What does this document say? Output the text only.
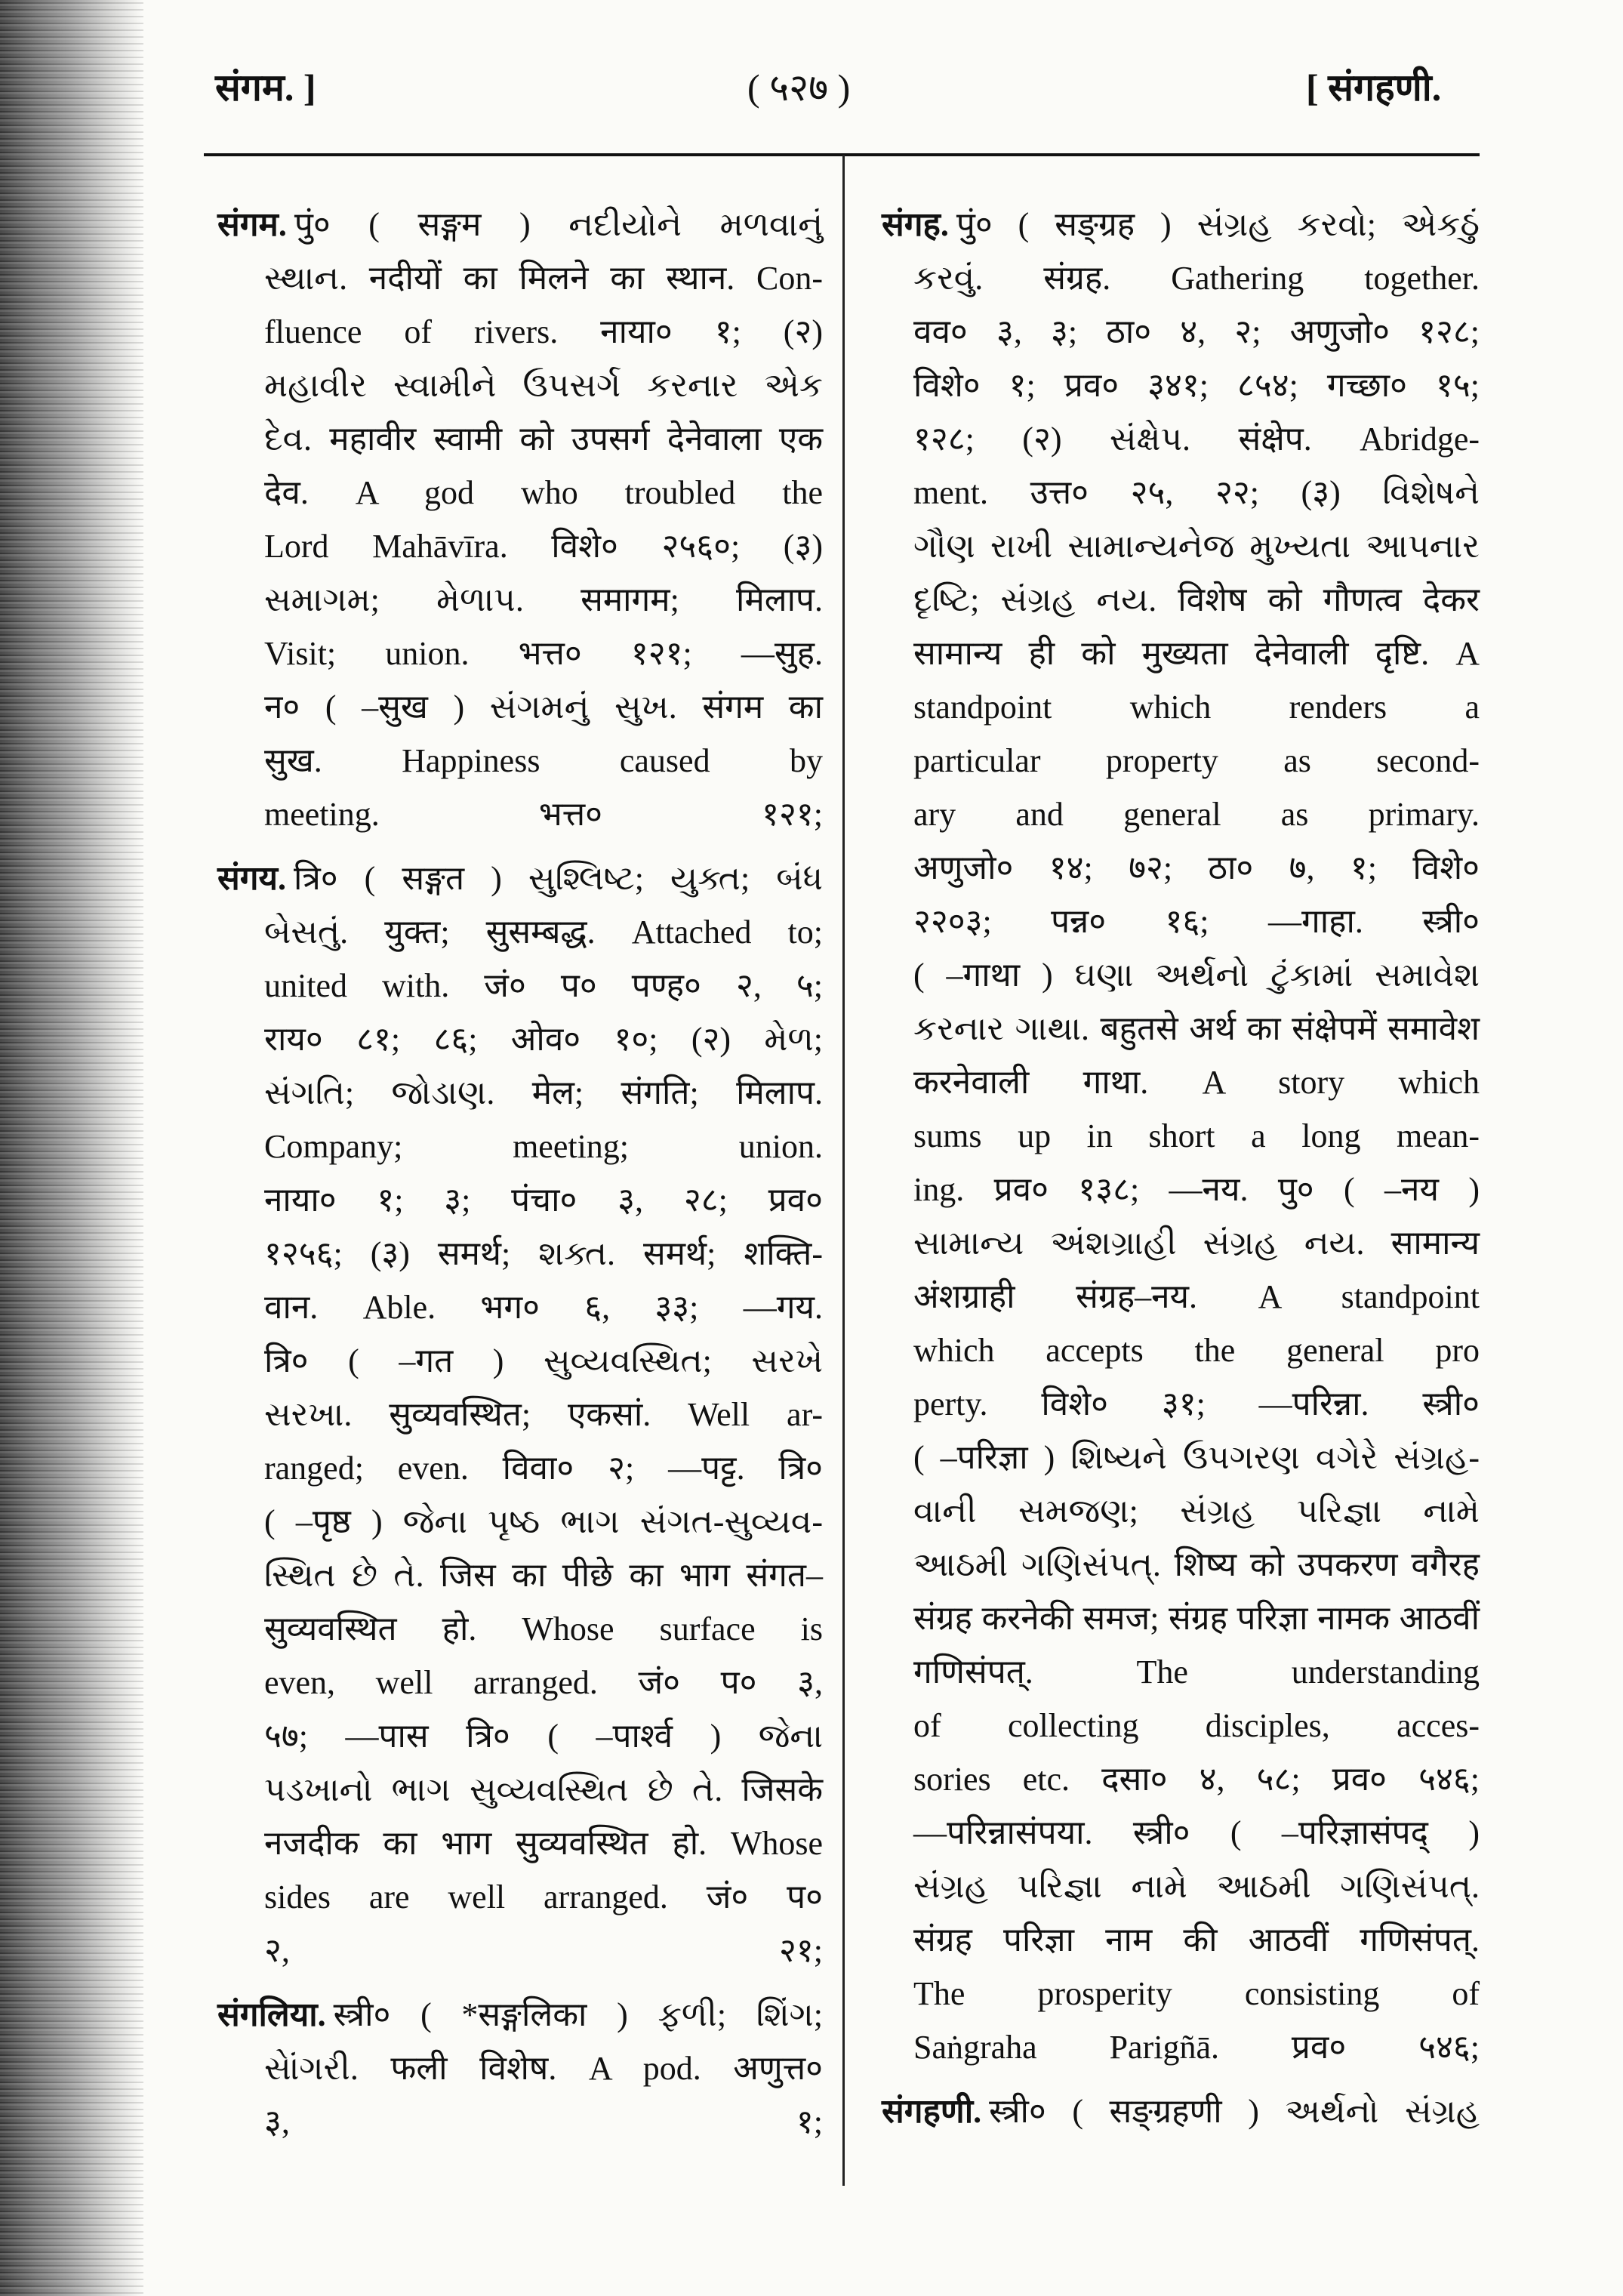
संगम. ]	( ५२७ )	[ संगहणी.
संगम. पुं० ( सङ्गम ) નદીયોને મળવાનું
સ્થાન. नदीयों का मिलने का स्थान. Con-
fluence of rivers. नाया० १; (२)
મહાવીર સ્વામીને ઉપસર્ગ કરનાર એક
દેવ. महावीर स्वामी को उपसर्ग देनेवाला एक
देव. A god who troubled the
Lord Mahāvīra. विशे० २५६०; (३)
સમાગમ; મેળાપ. समागम; मिलाप.
Visit; union. भत्त० १२१; —सुह.
न० ( –सुख ) સંગમનું સુખ. संगम का
सुख. Happiness caused by
meeting. भत्त० १२१;
संगय. त्रि० ( सङ्गत ) સુશ્લિષ્ટ; યુક્ત; બંધ
બેસતું. युक्त; सुसम्बद्ध. Attached to;
united with. जं० प० पण्ह० २, ५;
राय० ८१; ८६; ओव० १०; (२) મેળ;
સંગતિ; જોડાણ. मेल; संगति; मिलाप.
Company; meeting; union.
नाया० १; ३; पंचा० ३, २८; प्रव०
१२५६; (३) समर्थ; શક્ત. समर्थ; शक्ति-
वान. Able. भग० ६, ३३; —गय.
त्रि० ( –गत ) સુવ્યવસ્થિત; સરખે
સરખા. सुव्यवस्थित; एकसां. Well ar-
ranged; even. विवा० २; —पट्ट. त्रि०
( –पृष्ठ ) જેના પૃષ્ઠ ભાગ સંગત-સુવ્યવ-
સ્થિત છે તે. जिस का पीछे का भाग संगत–
सुव्यवस्थित हो. Whose surface is
even, well arranged. जं० प० ३,
५७; —पास त्रि० ( –पार्श्व ) જેના
પડખાનો ભાગ સુવ્યવસ્થિત છે તે. जिसके
नजदीक का भाग सुव्यवस्थित हो. Whose
sides are well arranged. जं० प०
२, २१;
संगलिया. स्त्री० ( *सङ्गलिका ) ફળી; શિંગ;
સેાંગરી. फली विशेष. A pod. अणुत्त०
३, १;
संगह. पुं० ( सङ्ग्रह ) સંગ્રહ કરવો; એકઠું
કરવું. संग्रह. Gathering together.
वव० ३, ३; ठा० ४, २; अणुजो० १२८;
विशे० १; प्रव० ३४१; ८५४; गच्छा० १५;
१२८; (२) સંક્ષેપ. संक्षेप. Abridge-
ment. उत्त० २५, २२; (३) વિશેષને
ગૌણ રાખી સામાન્યનેજ મુખ્યતા આપનાર
દૃષ્ટિ; સંગ્રહ નય. विशेष को गौणत्व देकर
सामान्य ही को मुख्यता देनेवाली दृष्टि. A
standpoint which renders a
particular property as second-
ary and general as primary.
अणुजो० १४; ७२; ठा० ७, १; विशे०
२२०३; पन्न० १६; —गाहा. स्त्री०
( –गाथा ) ઘણા અર્થનો ટુંકામાં સમાવેશ
કરનાર ગાથા. बहुतसे अर्थ का संक्षेपमें समावेश
करनेवाली गाथा. A story which
sums up in short a long mean-
ing. प्रव० १३८; —नय. पु० ( –नय )
સામાન્ય અંશગ્રાહી સંગ્રહ નય. सामान्य
अंशग्राही संग्रह–नय. A standpoint
which accepts the general pro
perty. विशे० ३१; —परिन्ना. स्त्री०
( –परिज्ञा ) શિષ્યને ઉપગરણ વગેરે સંગ્રહ-
વાની સમજણ; સંગ્રહ પરિજ્ઞા નામે
આઠમી ગણિસંપત્. शिष्य को उपकरण वगैरह
संग्रह करनेकी समज; संग्रह परिज्ञा नामक आठवीं
गणिसंपत्. The understanding
of collecting disciples, acces-
sories etc. दसा० ४, ५८; प्रव० ५४६;
—परिन्नासंपया. स्त्री० ( –परिज्ञासंपद् )
સંગ્રહ પરિજ્ઞા નામે આઠમી ગણિસંપત્.
संग्रह परिज्ञा नाम की आठवीं गणिसंपत्.
The prosperity consisting of
Saṅgraha Parigñā. प्रव० ५४६;
संगहणी. स्त्री० ( सङ्ग्रहणी ) અર્થનો સંગ્રહ
